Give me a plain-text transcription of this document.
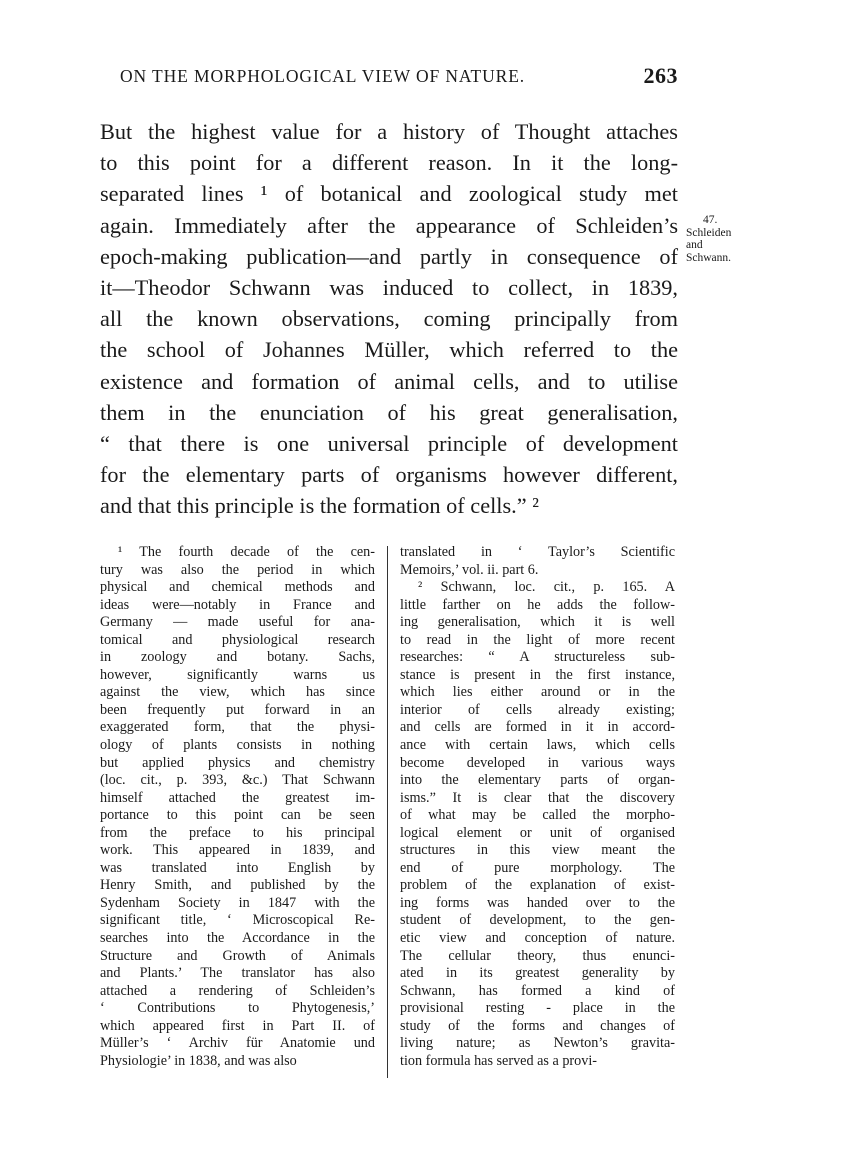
ON THE MORPHOLOGICAL VIEW OF NATURE.	263
But the highest value for a history of Thought attaches
to this point for a different reason. In it the long-
separated lines ¹ of botanical and zoological study met
again. Immediately after the appearance of Schleiden’s
epoch-making publication—and partly in consequence of
it—Theodor Schwann was induced to collect, in 1839,
all the known observations, coming principally from
the school of Johannes Müller, which referred to the
existence and formation of animal cells, and to utilise
them in the enunciation of his great generalisation,
“ that there is one universal principle of development
for the elementary parts of organisms however different,
and that this principle is the formation of cells.” ²
47.
Schleiden
and
Schwann.
¹ The fourth decade of the cen-
tury was also the period in which
physical and chemical methods and
ideas were—notably in France and
Germany — made useful for ana-
tomical and physiological research
in zoology and botany. Sachs,
however, significantly warns us
against the view, which has since
been frequently put forward in an
exaggerated form, that the physi-
ology of plants consists in nothing
but applied physics and chemistry
(loc. cit., p. 393, &c.) That Schwann
himself attached the greatest im-
portance to this point can be seen
from the preface to his principal
work. This appeared in 1839, and
was translated into English by
Henry Smith, and published by the
Sydenham Society in 1847 with the
significant title, ‘ Microscopical Re-
searches into the Accordance in the
Structure and Growth of Animals
and Plants.’ The translator has also
attached a rendering of Schleiden’s
‘ Contributions to Phytogenesis,’
which appeared first in Part II. of
Müller’s ‘ Archiv für Anatomie und
Physiologie’ in 1838, and was also
translated in ‘ Taylor’s Scientific
Memoirs,’ vol. ii. part 6.
² Schwann, loc. cit., p. 165. A
little farther on he adds the follow-
ing generalisation, which it is well
to read in the light of more recent
researches: “ A structureless sub-
stance is present in the first instance,
which lies either around or in the
interior of cells already existing;
and cells are formed in it in accord-
ance with certain laws, which cells
become developed in various ways
into the elementary parts of organ-
isms.” It is clear that the discovery
of what may be called the morpho-
logical element or unit of organised
structures in this view meant the
end of pure morphology. The
problem of the explanation of exist-
ing forms was handed over to the
student of development, to the gen-
etic view and conception of nature.
The cellular theory, thus enunci-
ated in its greatest generality by
Schwann, has formed a kind of
provisional resting - place in the
study of the forms and changes of
living nature; as Newton’s gravita-
tion formula has served as a provi-
